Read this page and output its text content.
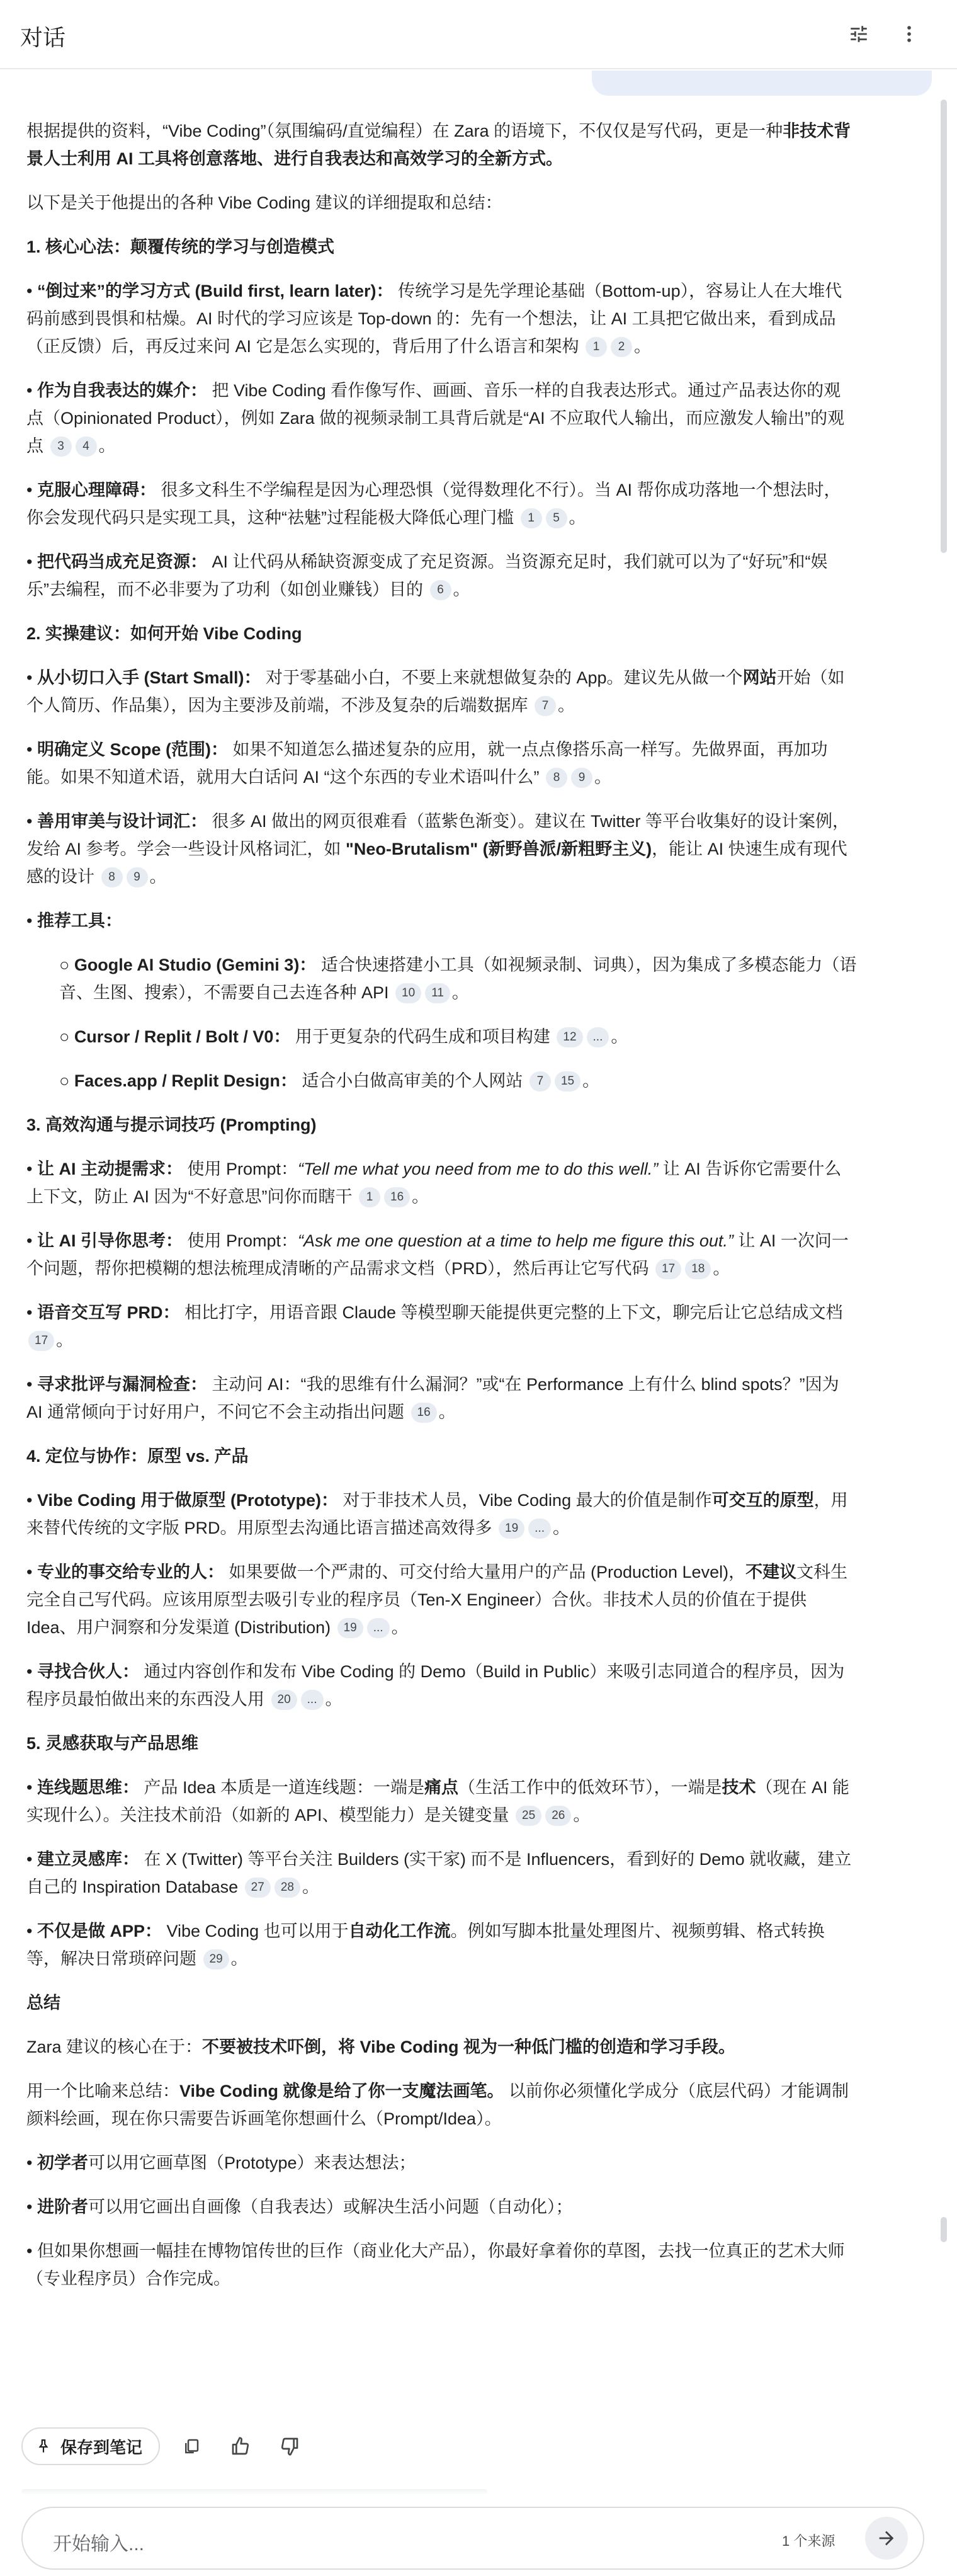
对话
根据提供的资料，“Vibe Coding”（氛围编码/直觉编程）在 Zara 的语境下，不仅仅是写代码，更是一种非技术背景人士利用 AI 工具将创意落地、进行自我表达和高效学习的全新方式。
以下是关于他提出的各种 Vibe Coding 建议的详细提取和总结：
1. 核心心法：颠覆传统的学习与创造模式
• “倒过来”的学习方式 (Build first, learn later)： 传统学习是先学理论基础（Bottom-up），容易让人在大堆代码前感到畏惧和枯燥。AI 时代的学习应该是 Top-down 的：先有一个想法，让 AI 工具把它做出来，看到成品（正反馈）后，再反过来问 AI 它是怎么实现的，背后用了什么语言和架构 1 2 。
• 作为自我表达的媒介： 把 Vibe Coding 看作像写作、画画、音乐一样的自我表达形式。通过产品表达你的观点（Opinionated Product），例如 Zara 做的视频录制工具背后就是“AI 不应取代人输出，而应激发人输出”的观点 3 4 。
• 克服心理障碍： 很多文科生不学编程是因为心理恐惧（觉得数理化不行）。当 AI 帮你成功落地一个想法时，你会发现代码只是实现工具，这种“祛魅”过程能极大降低心理门槛 1 5 。
• 把代码当成充足资源： AI 让代码从稀缺资源变成了充足资源。当资源充足时，我们就可以为了“好玩”和“娱乐”去编程，而不必非要为了功利（如创业赚钱）目的 6 。
2. 实操建议：如何开始 Vibe Coding
• 从小切口入手 (Start Small)： 对于零基础小白，不要上来就想做复杂的 App。建议先从做一个网站开始（如个人简历、作品集），因为主要涉及前端，不涉及复杂的后端数据库 7 。
• 明确定义 Scope (范围)： 如果不知道怎么描述复杂的应用，就一点点像搭乐高一样写。先做界面，再加功能。如果不知道术语，就用大白话问 AI “这个东西的专业术语叫什么” 8 9 。
• 善用审美与设计词汇： 很多 AI 做出的网页很难看（蓝紫色渐变）。建议在 Twitter 等平台收集好的设计案例，发给 AI 参考。学会一些设计风格词汇，如 "Neo-Brutalism" (新野兽派/新粗野主义)，能让 AI 快速生成有现代感的设计 8 9 。
• 推荐工具：
○ Google AI Studio (Gemini 3)： 适合快速搭建小工具（如视频录制、词典），因为集成了多模态能力（语音、生图、搜索），不需要自己去连各种 API 10 11 。
○ Cursor / Replit / Bolt / V0： 用于更复杂的代码生成和项目构建 12 ... 。
○ Faces.app / Replit Design： 适合小白做高审美的个人网站 7 15 。
3. 高效沟通与提示词技巧 (Prompting)
• 让 AI 主动提需求： 使用 Prompt：“Tell me what you need from me to do this well.” 让 AI 告诉你它需要什么上下文，防止 AI 因为“不好意思”问你而瞎干 1 16 。
• 让 AI 引导你思考： 使用 Prompt：“Ask me one question at a time to help me figure this out.” 让 AI 一次问一个问题，帮你把模糊的想法梳理成清晰的产品需求文档（PRD），然后再让它写代码 17 18 。
• 语音交互写 PRD： 相比打字，用语音跟 Claude 等模型聊天能提供更完整的上下文，聊完后让它总结成文档 17 。
• 寻求批评与漏洞检查： 主动问 AI：“我的思维有什么漏洞？”或“在 Performance 上有什么 blind spots？”因为 AI 通常倾向于讨好用户，不问它不会主动指出问题 16 。
4. 定位与协作：原型 vs. 产品
• Vibe Coding 用于做原型 (Prototype)： 对于非技术人员，Vibe Coding 最大的价值是制作可交互的原型，用来替代传统的文字版 PRD。用原型去沟通比语言描述高效得多 19 ... 。
• 专业的事交给专业的人： 如果要做一个严肃的、可交付给大量用户的产品 (Production Level)，不建议文科生完全自己写代码。应该用原型去吸引专业的程序员（Ten-X Engineer）合伙。非技术人员的价值在于提供 Idea、用户洞察和分发渠道 (Distribution) 19 ... 。
• 寻找合伙人： 通过内容创作和发布 Vibe Coding 的 Demo（Build in Public）来吸引志同道合的程序员，因为程序员最怕做出来的东西没人用 20 ... 。
5. 灵感获取与产品思维
• 连线题思维： 产品 Idea 本质是一道连线题：一端是痛点（生活工作中的低效环节），一端是技术（现在 AI 能实现什么）。关注技术前沿（如新的 API、模型能力）是关键变量 25 26 。
• 建立灵感库： 在 X (Twitter) 等平台关注 Builders (实干家) 而不是 Influencers，看到好的 Demo 就收藏，建立自己的 Inspiration Database 27 28 。
• 不仅是做 APP： Vibe Coding 也可以用于自动化工作流。例如写脚本批量处理图片、视频剪辑、格式转换等，解决日常琐碎问题 29 。
总结
Zara 建议的核心在于：不要被技术吓倒，将 Vibe Coding 视为一种低门槛的创造和学习手段。
用一个比喻来总结：Vibe Coding 就像是给了你一支魔法画笔。 以前你必须懂化学成分（底层代码）才能调制颜料绘画，现在你只需要告诉画笔你想画什么（Prompt/Idea）。
• 初学者可以用它画草图（Prototype）来表达想法；
• 进阶者可以用它画出自画像（自我表达）或解决生活小问题（自动化）；
• 但如果你想画一幅挂在博物馆传世的巨作（商业化大产品），你最好拿着你的草图，去找一位真正的艺术大师（专业程序员）合作完成。
保存到笔记
开始输入...	1 个来源
